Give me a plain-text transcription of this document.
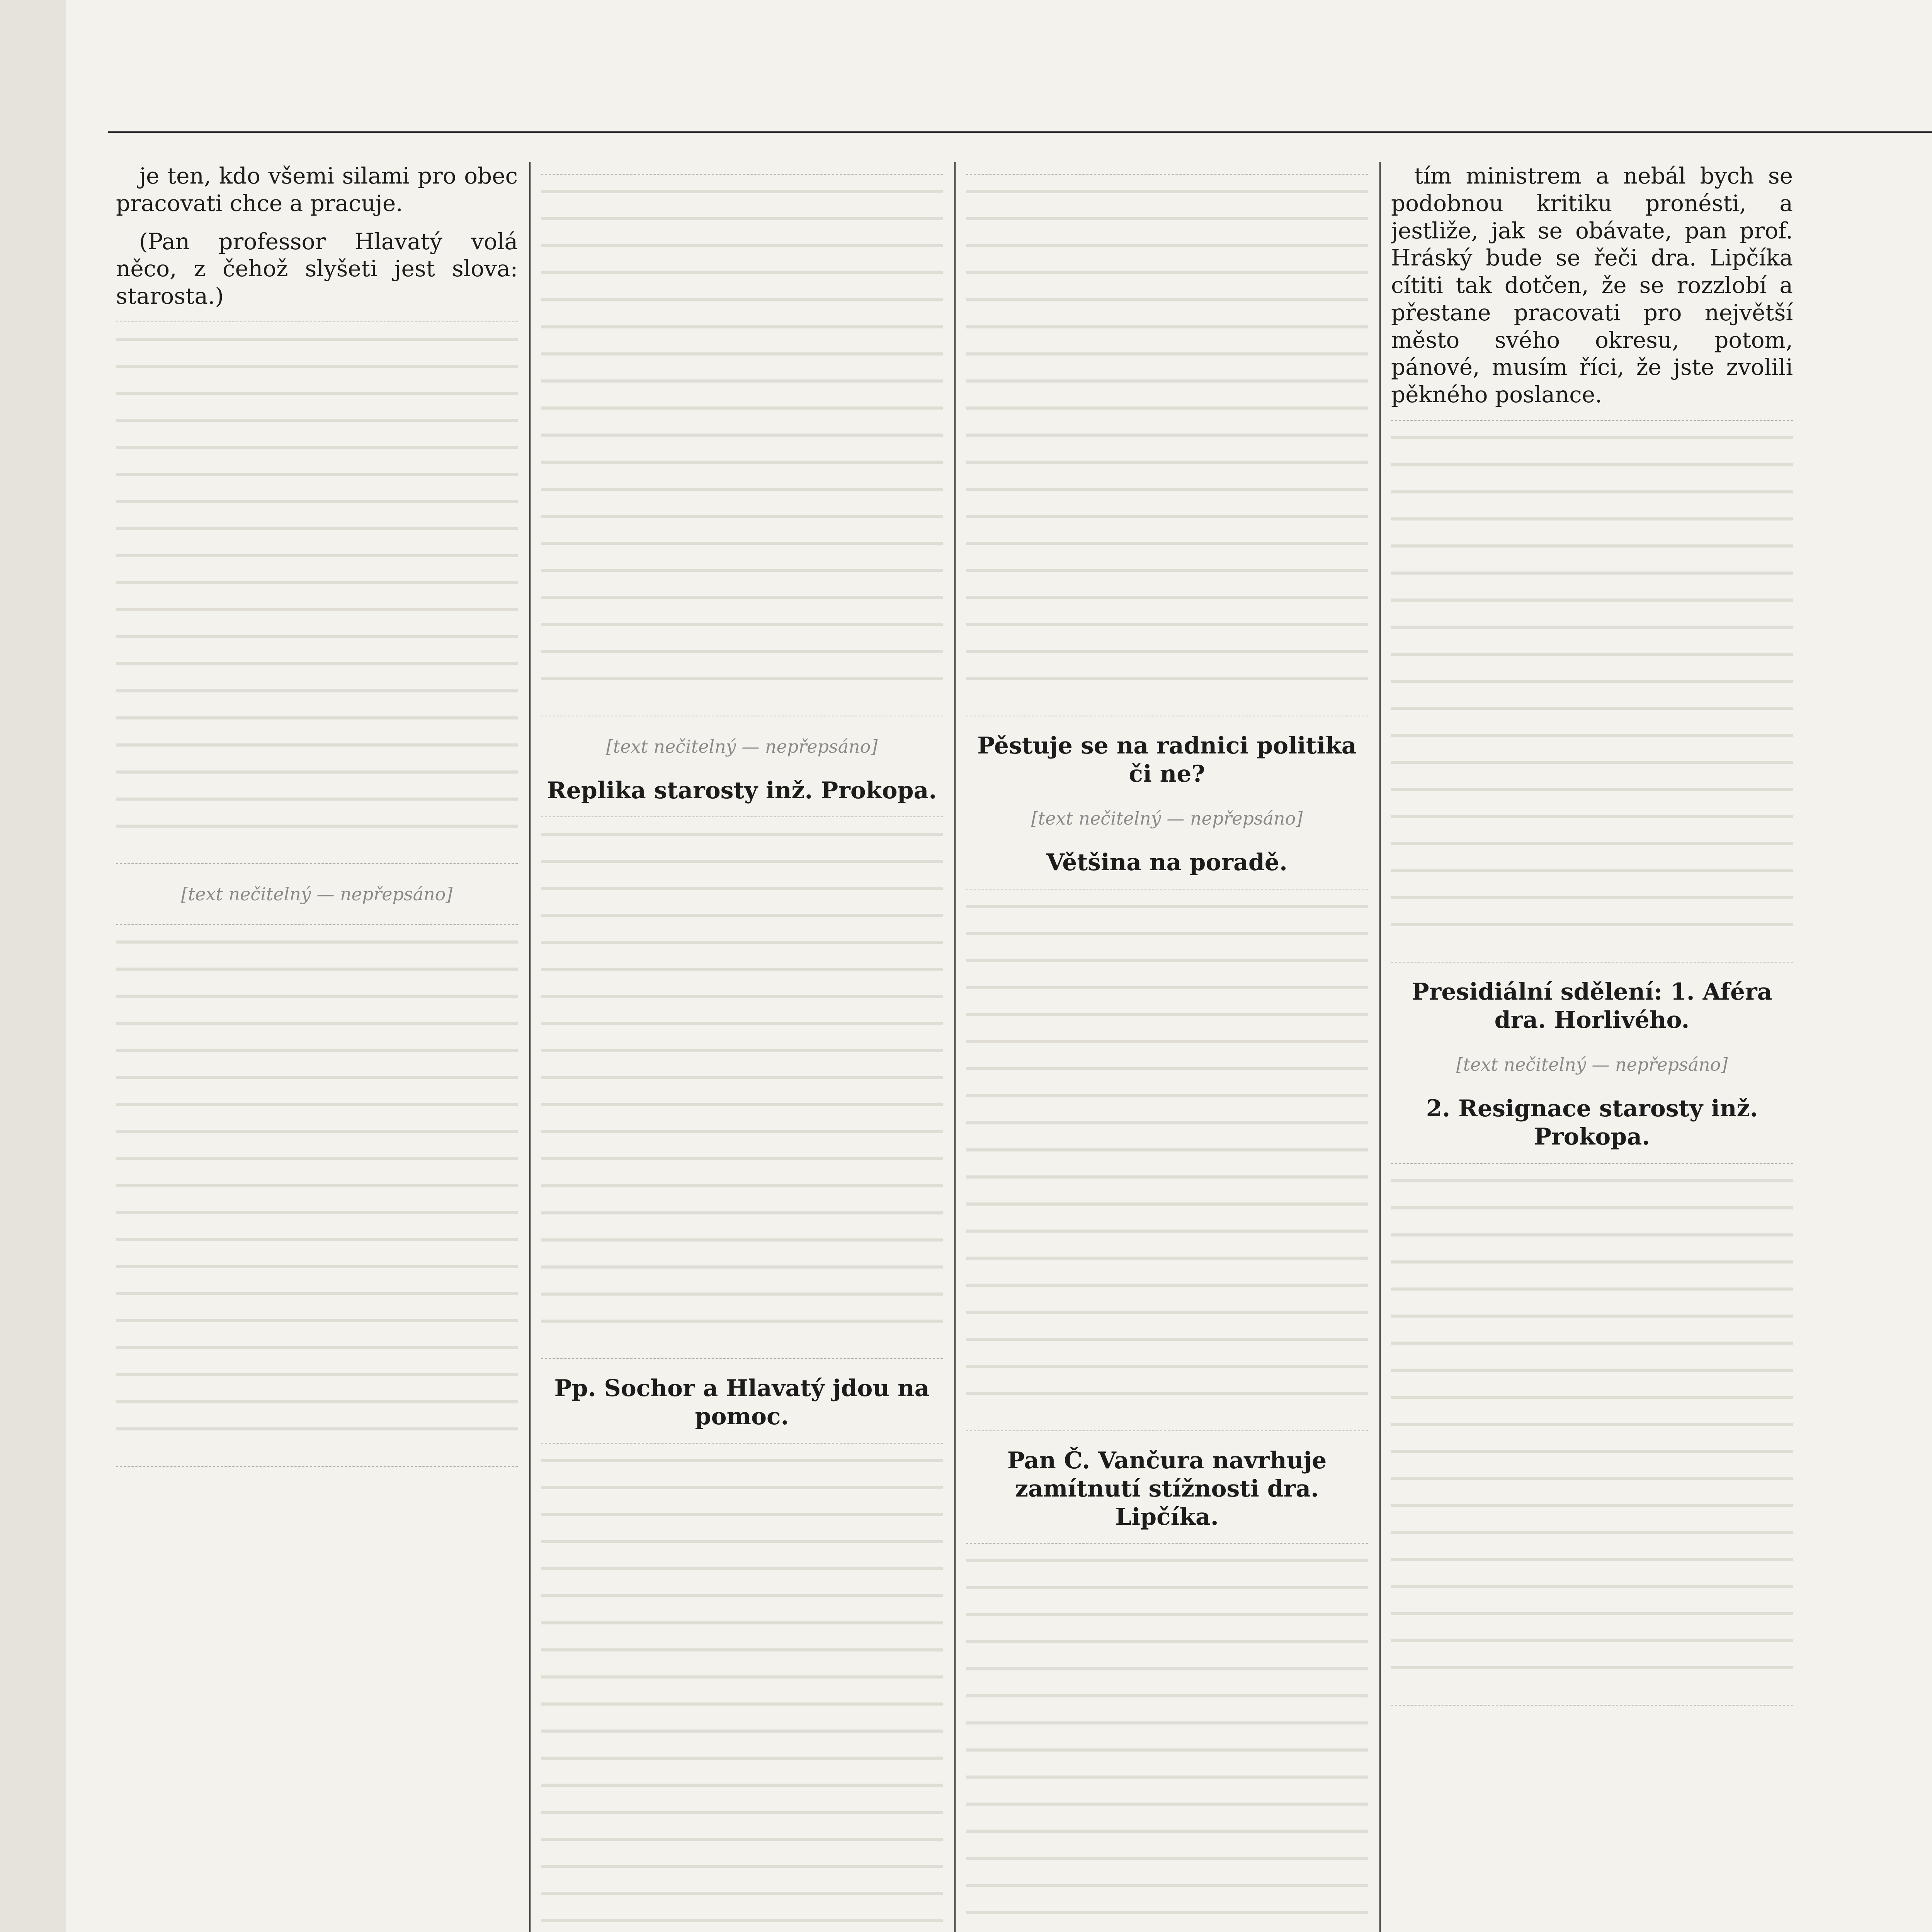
je ten, kdo všemi silami pro obec pracovati chce a pracuje.

(Pan professor Hlavatý volá něco, z čehož slyšeti jest slova: starosta.)

[text nečitelný — nepřepsáno]

[text nečitelný — nepřepsáno]

Replika starosty inž. Prokopa.
Pp. Sochor a Hlavatý jdou na pomoc.
Pěstuje se na radnici politika či ne?

[text nečitelný — nepřepsáno]

Většina na poradě.
Pan Č. Vančura navrhuje zamítnutí stížnosti dra. Lipčíka.

tím ministrem a nebál bych se podobnou kritiku pronésti, a jestliže, jak se obávate, pan prof. Hráský bude se řeči dra. Lipčíka cítiti tak dotčen, že se rozzlobí a přestane pracovati pro největší město svého okresu, potom, pánové, musím říci, že jste zvolili pěkného poslance.

Presidiální sdělení: 1. Aféra dra. Horlivého.

[text nečitelný — nepřepsáno]

2. Resignace starosty inž. Prokopa.
